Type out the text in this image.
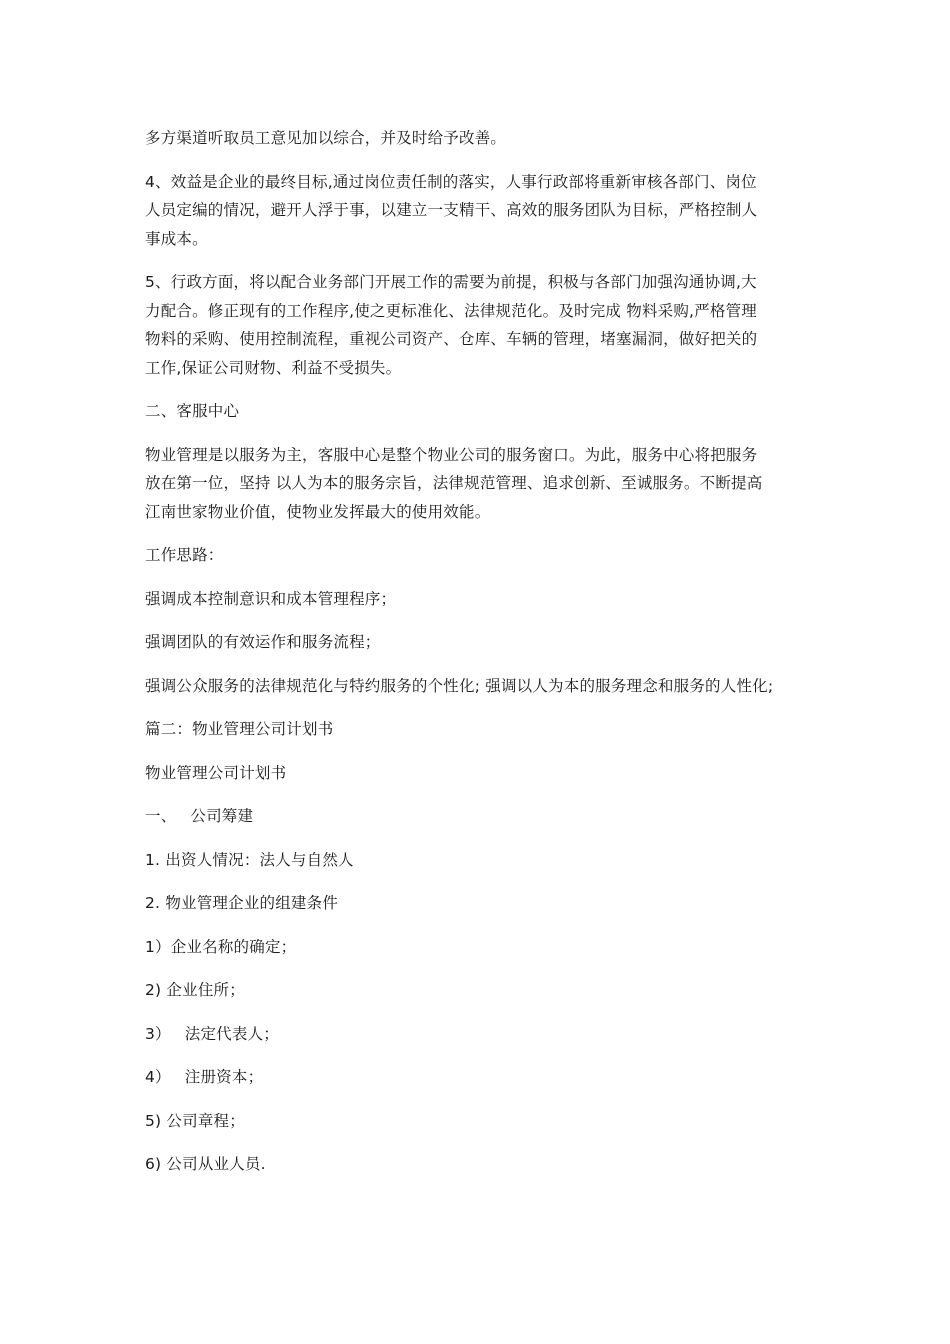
多方渠道听取员工意见加以综合，并及时给予改善。

4、效益是企业的最终目标,通过岗位责任制的落实，人事行政部将重新审核各部门、岗位
人员定编的情况，避开人浮于事，以建立一支精干、高效的服务团队为目标，严格控制人
事成本。

5、行政方面，将以配合业务部门开展工作的需要为前提，积极与各部门加强沟通协调,大
力配合。修正现有的工作程序,使之更标准化、法律规范化。及时完成 物料采购,严格管理
物料的采购、使用控制流程，重视公司资产、仓库、车辆的管理，堵塞漏洞，做好把关的
工作,保证公司财物、利益不受损失。

二、客服中心

物业管理是以服务为主，客服中心是整个物业公司的服务窗口。为此，服务中心将把服务
放在第一位，坚持 以人为本的服务宗旨，法律规范管理、追求创新、至诚服务。不断提高
江南世家物业价值，使物业发挥最大的使用效能。

工作思路：

强调成本控制意识和成本管理程序；

强调团队的有效运作和服务流程；

强调公众服务的法律规范化与特约服务的个性化; 强调以人为本的服务理念和服务的人性化;

篇二：物业管理公司计划书

物业管理公司计划书

一、 公司筹建

1. 出资人情况：法人与自然人

2. 物业管理企业的组建条件

1）企业名称的确定；

2) 企业住所；

3） 法定代表人；

4） 注册资本；

5) 公司章程；

6) 公司从业人员.
